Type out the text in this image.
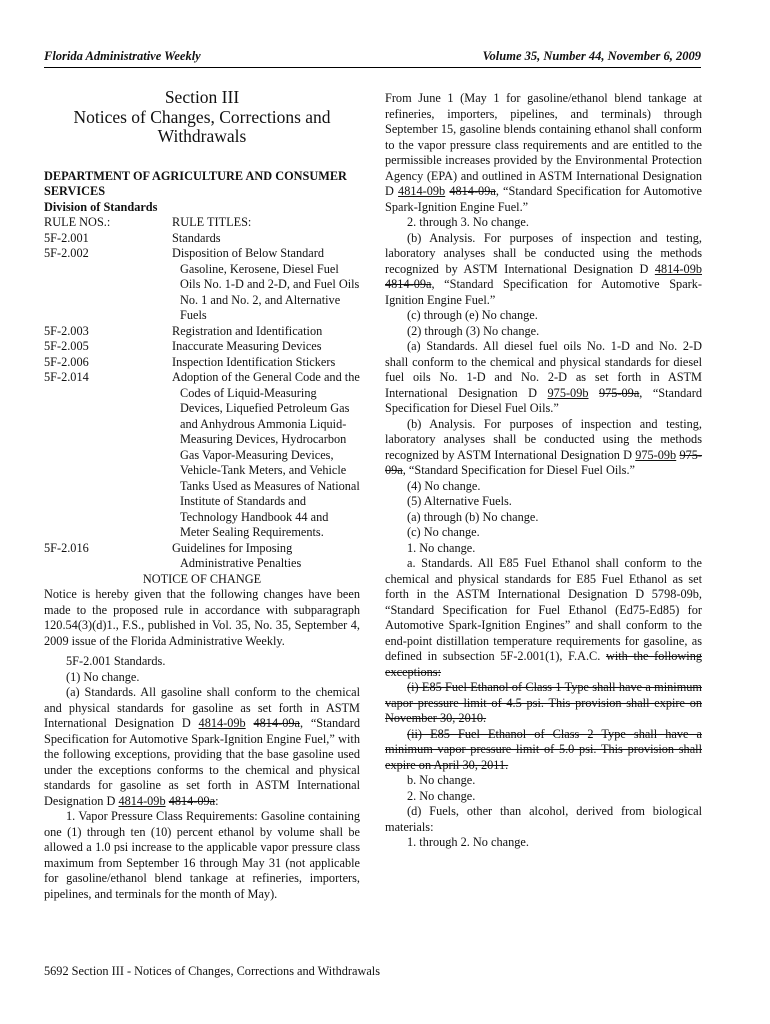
Florida Administrative Weekly	Volume 35, Number 44, November 6, 2009
Section III
Notices of Changes, Corrections and
Withdrawals

DEPARTMENT OF AGRICULTURE AND CONSUMER SERVICES

Division of Standards

RULE NOS.:	RULE TITLES:
5F-2.001	Standards
5F-2.002	Disposition of Below Standard Gasoline, Kerosene, Diesel Fuel Oils No. 1-D and 2-D, and Fuel Oils No. 1 and No. 2, and Alternative Fuels
5F-2.003	Registration and Identification
5F-2.005	Inaccurate Measuring Devices
5F-2.006	Inspection Identification Stickers
5F-2.014	Adoption of the General Code and the Codes of Liquid-Measuring Devices, Liquefied Petroleum Gas and Anhydrous Ammonia Liquid-Measuring Devices, Hydrocarbon Gas Vapor-Measuring Devices, Vehicle-Tank Meters, and Vehicle Tanks Used as Measures of National Institute of Standards and Technology Handbook 44 and Meter Sealing Requirements.
5F-2.016	Guidelines for Imposing Administrative Penalties

NOTICE OF CHANGE

Notice is hereby given that the following changes have been made to the proposed rule in accordance with subparagraph 120.54(3)(d)1., F.S., published in Vol. 35, No. 35, September 4, 2009 issue of the Florida Administrative Weekly.

5F-2.001 Standards.

(1) No change.

(a) Standards. All gasoline shall conform to the chemical and physical standards for gasoline as set forth in ASTM International Designation D 4814-09b 4814-09a, “Standard Specification for Automotive Spark-Ignition Engine Fuel,” with the following exceptions, providing that the base gasoline used under the exceptions conforms to the chemical and physical standards for gasoline as set forth in ASTM International Designation D 4814-09b 4814-09a:

1. Vapor Pressure Class Requirements: Gasoline containing one (1) through ten (10) percent ethanol by volume shall be allowed a 1.0 psi increase to the applicable vapor pressure class maximum from September 16 through May 31 (not applicable for gasoline/ethanol blend tankage at refineries, importers, pipelines, and terminals for the month of May).

From June 1 (May 1 for gasoline/ethanol blend tankage at refineries, importers, pipelines, and terminals) through September 15, gasoline blends containing ethanol shall conform to the vapor pressure class requirements and are entitled to the permissible increases provided by the Environmental Protection Agency (EPA) and outlined in ASTM International Designation D 4814-09b 4814-09a, “Standard Specification for Automotive Spark-Ignition Engine Fuel.”

2. through 3. No change.

(b) Analysis. For purposes of inspection and testing, laboratory analyses shall be conducted using the methods recognized by ASTM International Designation D 4814-09b 4814-09a, “Standard Specification for Automotive Spark-Ignition Engine Fuel.”

(c) through (e) No change.

(2) through (3) No change.

(a) Standards. All diesel fuel oils No. 1-D and No. 2-D shall conform to the chemical and physical standards for diesel fuel oils No. 1-D and No. 2-D as set forth in ASTM International Designation D 975-09b 975-09a, “Standard Specification for Diesel Fuel Oils.”

(b) Analysis. For purposes of inspection and testing, laboratory analyses shall be conducted using the methods recognized by ASTM International Designation D 975-09b 975-09a, “Standard Specification for Diesel Fuel Oils.”

(4) No change.

(5) Alternative Fuels.

(a) through (b) No change.

(c) No change.

1. No change.

a. Standards. All E85 Fuel Ethanol shall conform to the chemical and physical standards for E85 Fuel Ethanol as set forth in the ASTM International Designation D 5798-09b, “Standard Specification for Fuel Ethanol (Ed75-Ed85) for Automotive Spark-Ignition Engines” and shall conform to the end-point distillation temperature requirements for gasoline, as defined in subsection 5F-2.001(1), F.A.C. with the following exceptions:

(i) E85 Fuel Ethanol of Class 1 Type shall have a minimum vapor pressure limit of 4.5 psi. This provision shall expire on November 30, 2010.

(ii) E85 Fuel Ethanol of Class 2 Type shall have a minimum vapor pressure limit of 5.0 psi. This provision shall expire on April 30, 2011.

b. No change.

2. No change.

(d) Fuels, other than alcohol, derived from biological materials:

1. through 2. No change.

5692 Section III - Notices of Changes, Corrections and Withdrawals
